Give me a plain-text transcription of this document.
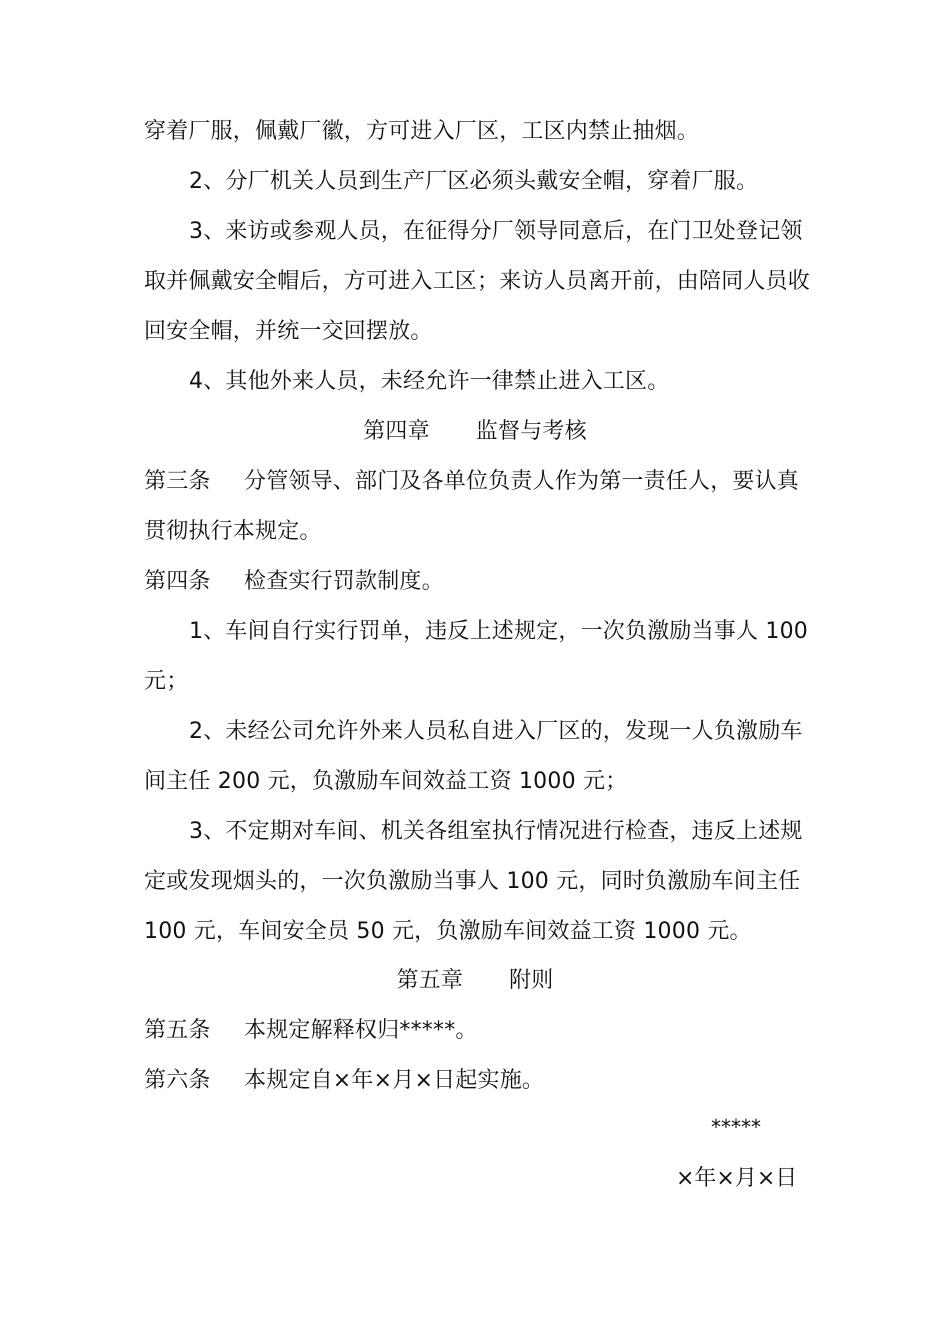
穿着厂服，佩戴厂徽，方可进入厂区，工区内禁止抽烟。
2、分厂机关人员到生产厂区必须头戴安全帽，穿着厂服。
3、来访或参观人员，在征得分厂领导同意后，在门卫处登记领
取并佩戴安全帽后，方可进入工区；来访人员离开前，由陪同人员收
回安全帽，并统一交回摆放。
4、其他外来人员，未经允许一律禁止进入工区。
第四章 监督与考核
第三条 分管领导、部门及各单位负责人作为第一责任人，要认真
贯彻执行本规定。
第四条 检查实行罚款制度。
1、车间自行实行罚单，违反上述规定，一次负激励当事人 100
元；
2、未经公司允许外来人员私自进入厂区的，发现一人负激励车
间主任 200 元，负激励车间效益工资 1000 元；
3、不定期对车间、机关各组室执行情况进行检查，违反上述规
定或发现烟头的，一次负激励当事人 100 元，同时负激励车间主任
100 元，车间安全员 50 元，负激励车间效益工资 1000 元。
第五章 附则
第五条 本规定解释权归*****。
第六条 本规定自×年×月×日起实施。
*****
×年×月×日
